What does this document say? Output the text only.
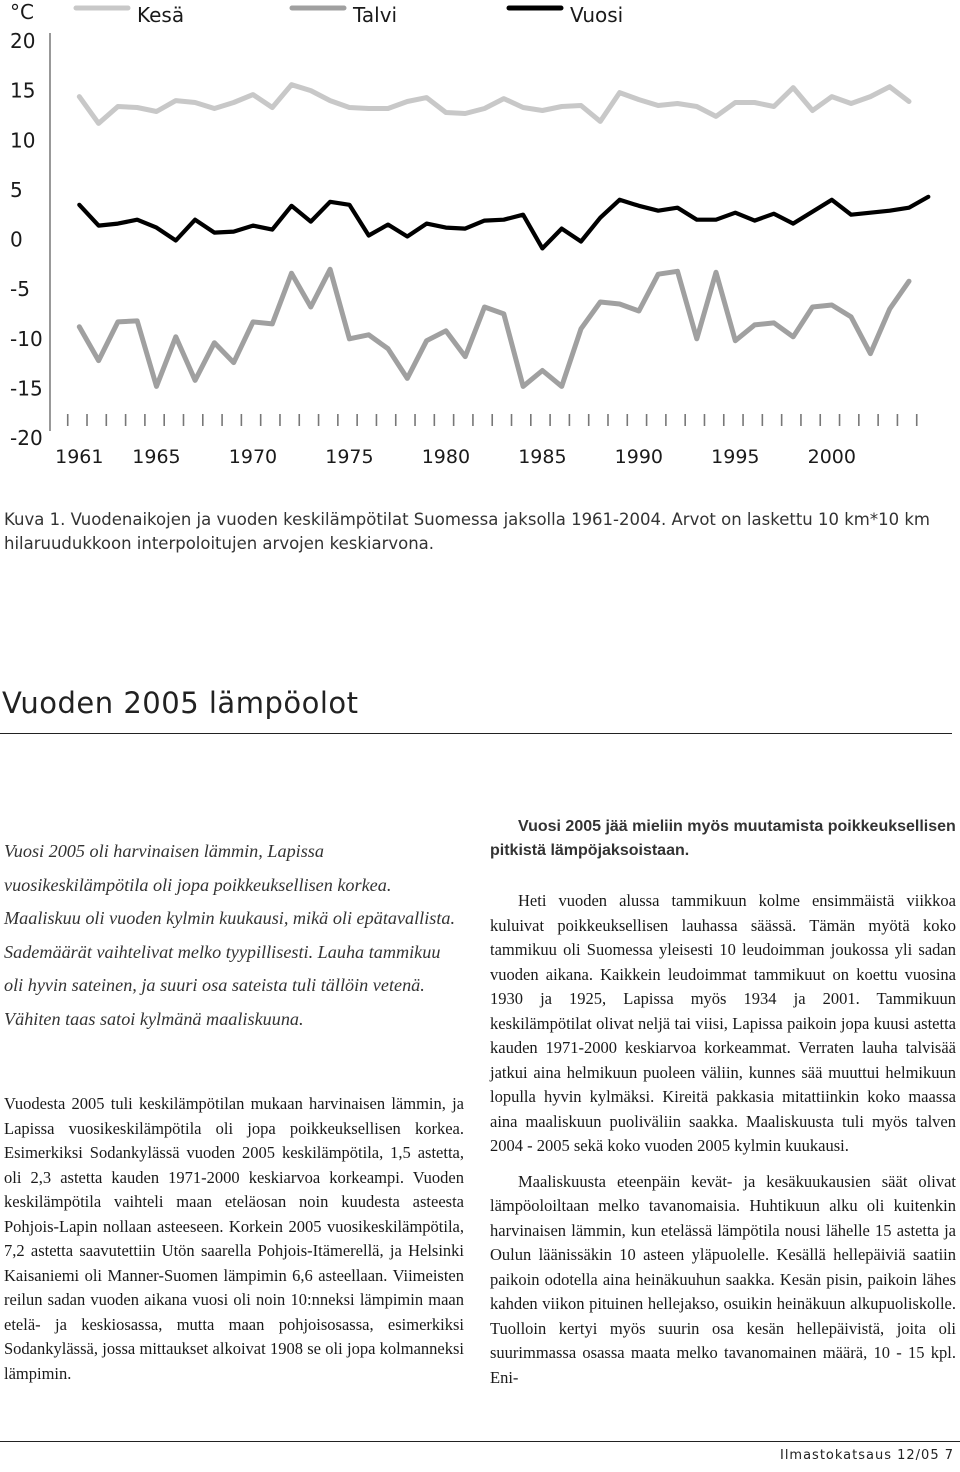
°C
20
15
10
5
0
-5
-10
-15
-20
1961 1965	1970	1975	1980	1985	1990	1995	2000
Kesä	Talvi	Vuosi

Kuva 1. Vuodenaikojen ja vuoden keskilämpötilat Suomessa jaksolla 1961-2004. Arvot on laskettu 10 km*10 km hilaruudukkoon interpoloitujen arvojen keskiarvona.

Vuoden 2005 lämpöolot

Vuosi 2005 oli harvinaisen lämmin, Lapissa vuosikeskilämpötila oli jopa poikkeuksellisen korkea. Maaliskuu oli vuoden kylmin kuukausi, mikä oli epätavallista. Sademäärät vaihtelivat melko tyypillisesti. Lauha tammikuu oli hyvin sateinen, ja suuri osa sateista tuli tällöin vetenä. Vähiten taas satoi kylmänä maaliskuuna.

Vuodesta 2005 tuli keskilämpötilan mukaan harvinaisen lämmin, ja Lapissa vuosikeskilämpötila oli jopa poikkeuksellisen korkea. Esimerkiksi Sodankylässä vuoden 2005 keskilämpötila, 1,5 astetta, oli 2,3 astetta kauden 1971-2000 keskiarvoa korkeampi. Vuoden keskilämpötila vaihteli maan eteläosan noin kuudesta asteesta Pohjois-Lapin nollaan asteeseen. Korkein 2005 vuosikeskilämpötila, 7,2 astetta saavutettiin Utön saarella Pohjois-Itämerellä, ja Helsinki Kaisaniemi oli Manner-Suomen lämpimin 6,6 asteellaan. Viimeisten reilun sadan vuoden aikana vuosi oli noin 10:nneksi lämpimin maan etelä- ja keskiosassa, mutta maan pohjoisosassa, esimerkiksi Sodankylässä, jossa mittaukset alkoivat 1908 se oli jopa kolmanneksi lämpimin.

Vuosi 2005 jää mieliin myös muutamista poikkeuksellisen pitkistä lämpöjaksoistaan.

Heti vuoden alussa tammikuun kolme ensimmäistä viikkoa kuluivat poikkeuksellisen lauhassa säässä. Tämän myötä koko tammikuu oli Suomessa yleisesti 10 leudoimman joukossa yli sadan vuoden aikana. Kaikkein leudoimmat tammikuut on koettu vuosina 1930 ja 1925, Lapissa myös 1934 ja 2001. Tammikuun keskilämpötilat olivat neljä tai viisi, Lapissa paikoin jopa kuusi astetta kauden 1971-2000 keskiarvoa korkeammat. Verraten lauha talvisää jatkui aina helmikuun puoleen väliin, kunnes sää muuttui helmikuun lopulla hyvin kylmäksi. Kireitä pakkasia mitattiinkin koko maassa aina maaliskuun puoliväliin saakka. Maaliskuusta tuli myös talven 2004 - 2005 sekä koko vuoden 2005 kylmin kuukausi.

Maaliskuusta eteenpäin kevät- ja kesäkuukausien säät olivat lämpöoloiltaan melko tavanomaisia. Huhtikuun alku oli kuitenkin harvinaisen lämmin, kun etelässä lämpötila nousi lähelle 15 astetta ja Oulun läänissäkin 10 asteen yläpuolelle. Kesällä hellepäiviä saatiin paikoin odotella aina heinäkuuhun saakka. Kesän pisin, paikoin lähes kahden viikon pituinen hellejakso, osuikin heinäkuun alkupuoliskolle. Tuolloin kertyi myös suurin osa kesän hellepäivistä, joita oli suurimmassa osassa maata melko tavanomainen määrä, 10 - 15 kpl. Eni-

Ilmastokatsaus 12/05 7
